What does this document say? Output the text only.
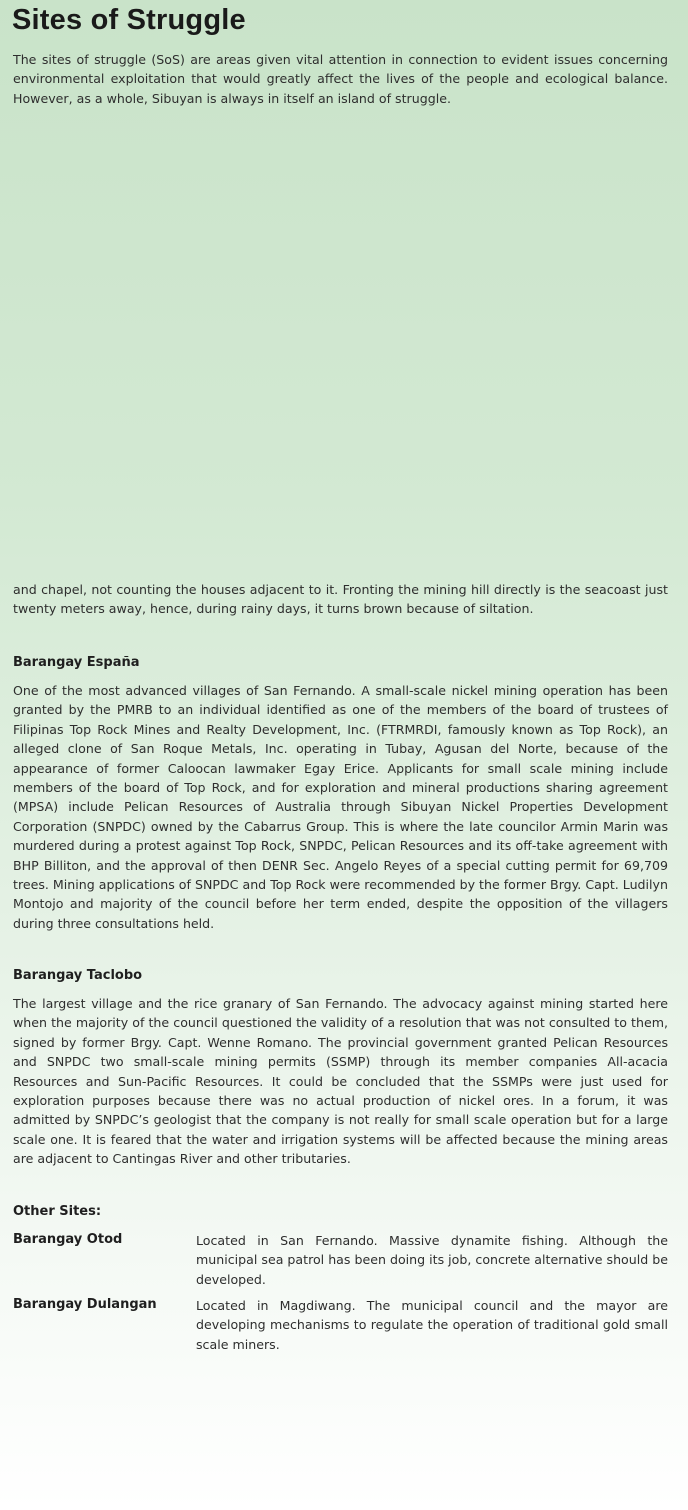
Sites of Struggle

The sites of struggle (SoS) are areas given vital attention in connection to evident issues concerning environmental exploitation that would greatly affect the lives of the people and ecological balance. However, as a whole, Sibuyan is always in itself an island of struggle.

and chapel, not counting the houses adjacent to it. Fronting the mining hill directly is the seacoast just twenty meters away, hence, during rainy days, it turns brown because of siltation.

Barangay España

One of the most advanced villages of San Fernando. A small-scale nickel mining operation has been granted by the PMRB to an individual identified as one of the members of the board of trustees of Filipinas Top Rock Mines and Realty Development, Inc. (FTRMRDI, famously known as Top Rock), an alleged clone of San Roque Metals, Inc. operating in Tubay, Agusan del Norte, because of the appearance of former Caloocan lawmaker Egay Erice. Applicants for small scale mining include members of the board of Top Rock, and for exploration and mineral productions sharing agreement (MPSA) include Pelican Resources of Australia through Sibuyan Nickel Properties Development Corporation (SNPDC) owned by the Cabarrus Group. This is where the late councilor Armin Marin was murdered during a protest against Top Rock, SNPDC, Pelican Resources and its off-take agreement with BHP Billiton, and the approval of then DENR Sec. Angelo Reyes of a special cutting permit for 69,709 trees. Mining applications of SNPDC and Top Rock were recommended by the former Brgy. Capt. Ludilyn Montojo and majority of the council before her term ended, despite the opposition of the villagers during three consultations held.

Barangay Taclobo

The largest village and the rice granary of San Fernando. The advocacy against mining started here when the majority of the council questioned the validity of a resolution that was not consulted to them, signed by former Brgy. Capt. Wenne Romano. The provincial government granted Pelican Resources and SNPDC two small-scale mining permits (SSMP) through its member companies All-acacia Resources and Sun-Pacific Resources. It could be concluded that the SSMPs were just used for exploration purposes because there was no actual production of nickel ores. In a forum, it was admitted by SNPDC’s geologist that the company is not really for small scale operation but for a large scale one. It is feared that the water and irrigation systems will be affected because the mining areas are adjacent to Cantingas River and other tributaries.

Other Sites:
Barangay Otod	Located in San Fernando. Massive dynamite fishing. Although the municipal sea patrol has been doing its job, concrete alternative should be developed.

Barangay Dulangan	Located in Magdiwang. The municipal council and the mayor are developing mechanisms to regulate the operation of traditional gold small scale miners.
